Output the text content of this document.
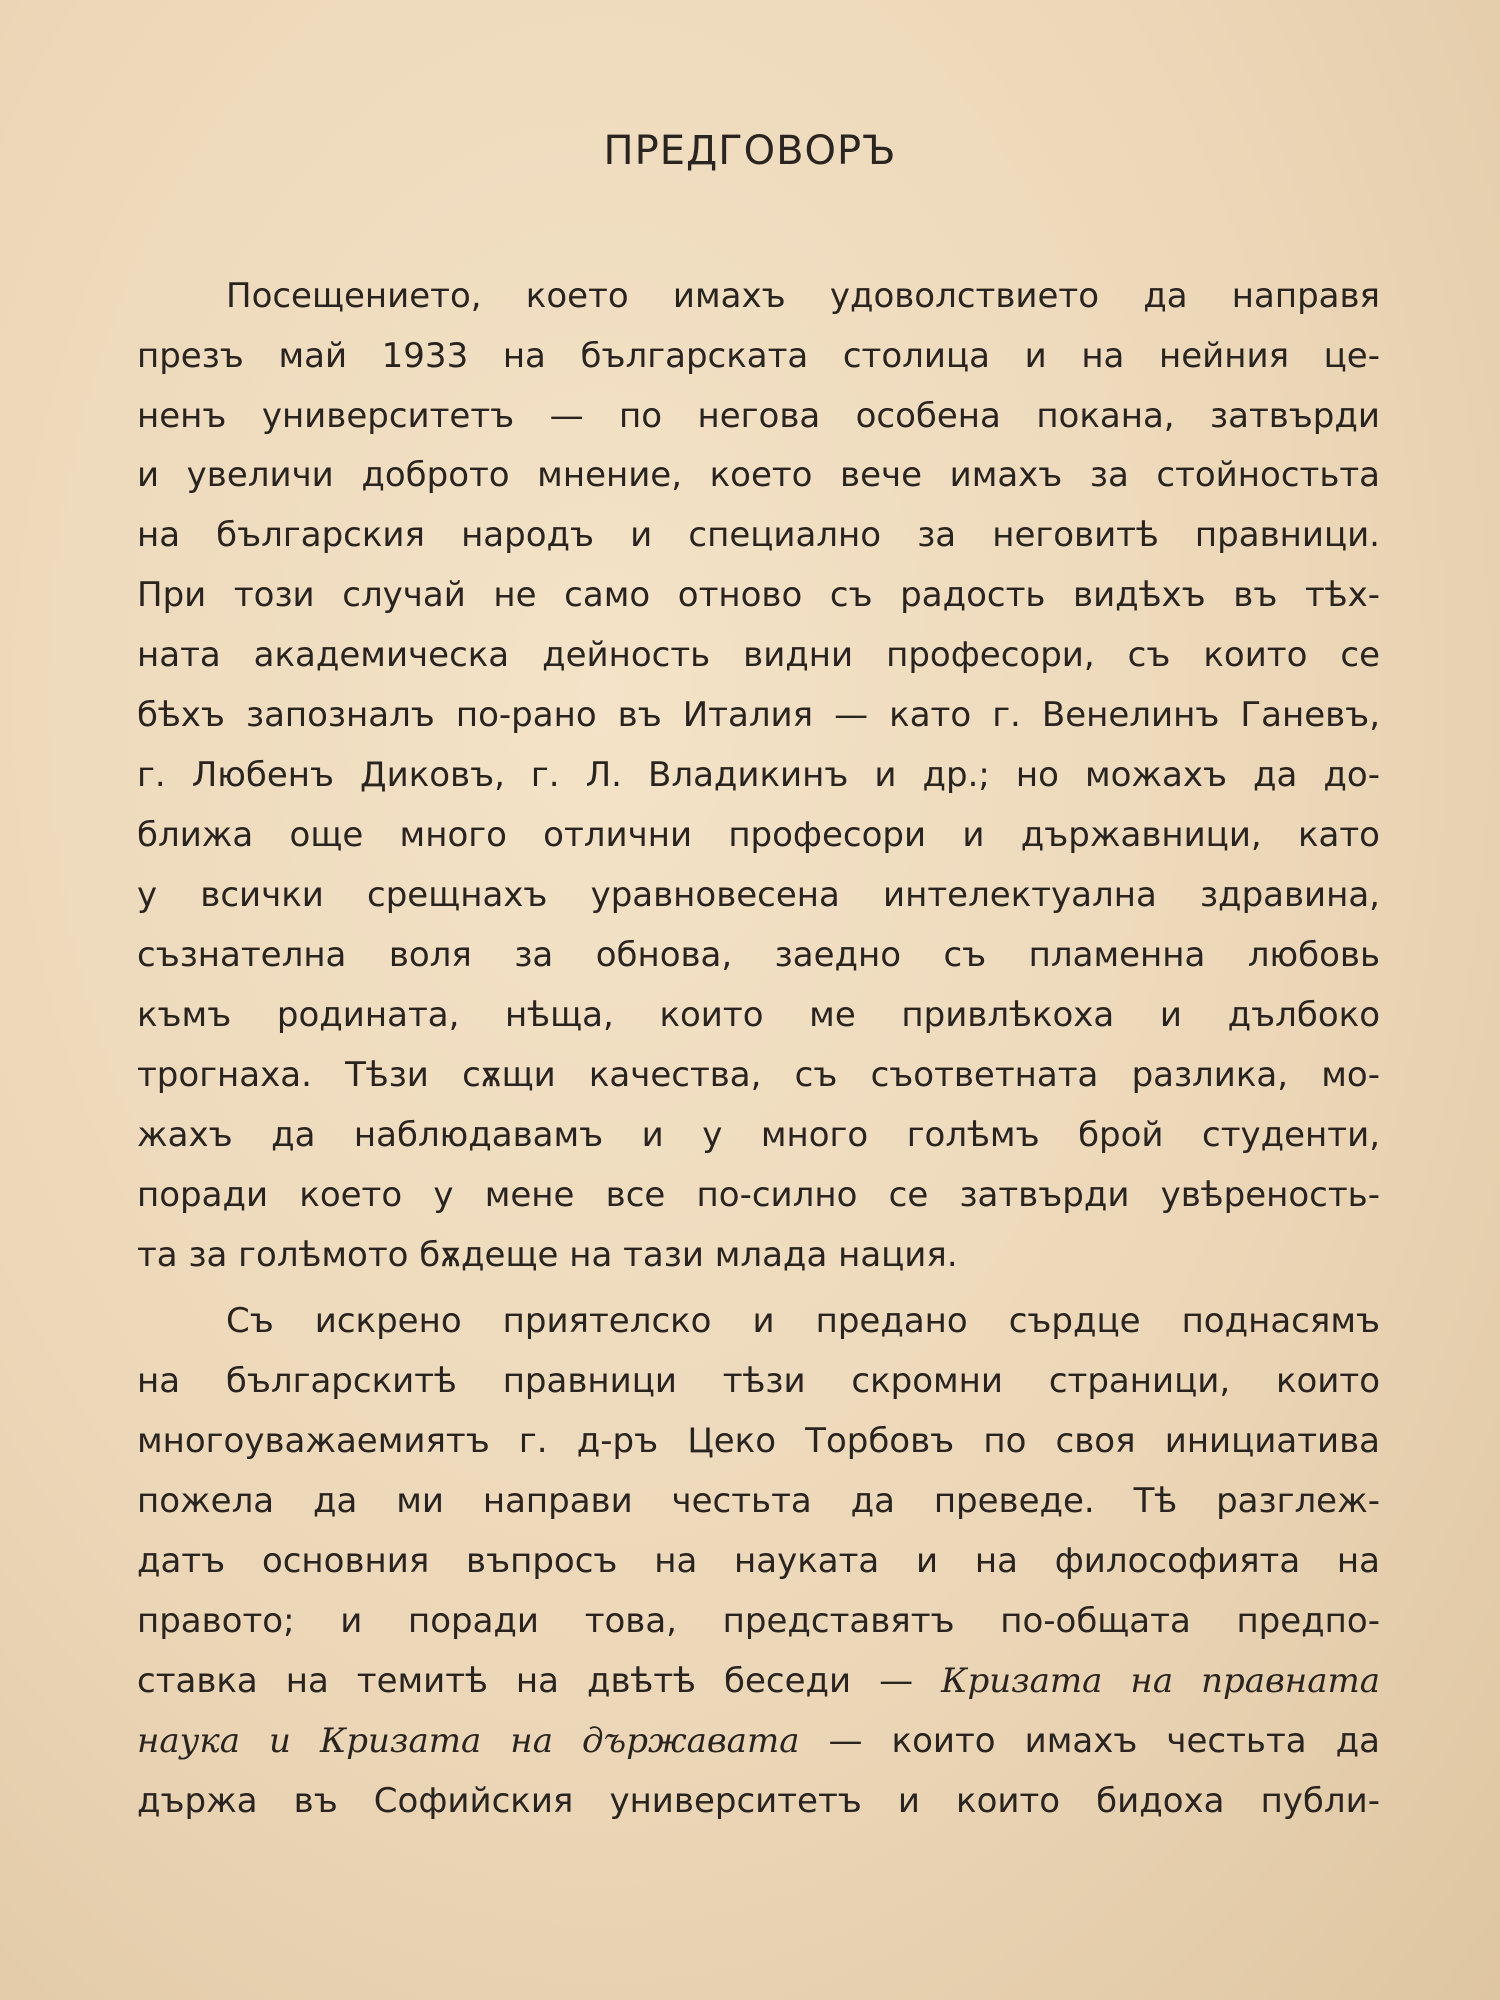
ПРЕДГОВОРЪ
Посещението, което имахъ удоволствието да направя
презъ май 1933 на българската столица и на нейния це-
ненъ университетъ — по негова особена покана, затвърди
и увеличи доброто мнение, което вече имахъ за стойностьта
на българския народъ и специално за неговитѣ правници.
При този случай не само отново съ радость видѣхъ въ тѣх-
ната академическа дейность видни професори, съ които се
бѣхъ запозналъ по-рано въ Италия — като г. Венелинъ Ганевъ,
г. Любенъ Диковъ, г. Л. Владикинъ и др.; но можахъ да до-
ближа още много отлични професори и държавници, като
у всички срещнахъ уравновесена интелектуална здравина,
съзнателна воля за обнова, заедно съ пламенна любовь
къмъ родината, нѣща, които ме привлѣкоха и дълбоко
трогнаха. Тѣзи сѫщи качества, съ съответната разлика, мо-
жахъ да наблюдавамъ и у много голѣмъ брой студенти,
поради което у мене все по-силно се затвърди увѣреность-
та за голѣмото бѫдеще на тази млада нация.
Съ искрено приятелско и предано сърдце поднасямъ
на българскитѣ правници тѣзи скромни страници, които
многоуважаемиятъ г. д-ръ Цеко Торбовъ по своя инициатива
пожела да ми направи честьта да преведе. Тѣ разглеж-
датъ основния въпросъ на науката и на философията на
правото; и поради това, представятъ по-общата предпо-
ставка на темитѣ на двѣтѣ беседи — Кризата на правната
наука и Кризата на държавата — които имахъ честьта да
държа въ Софийския университетъ и които бидоха публи-
